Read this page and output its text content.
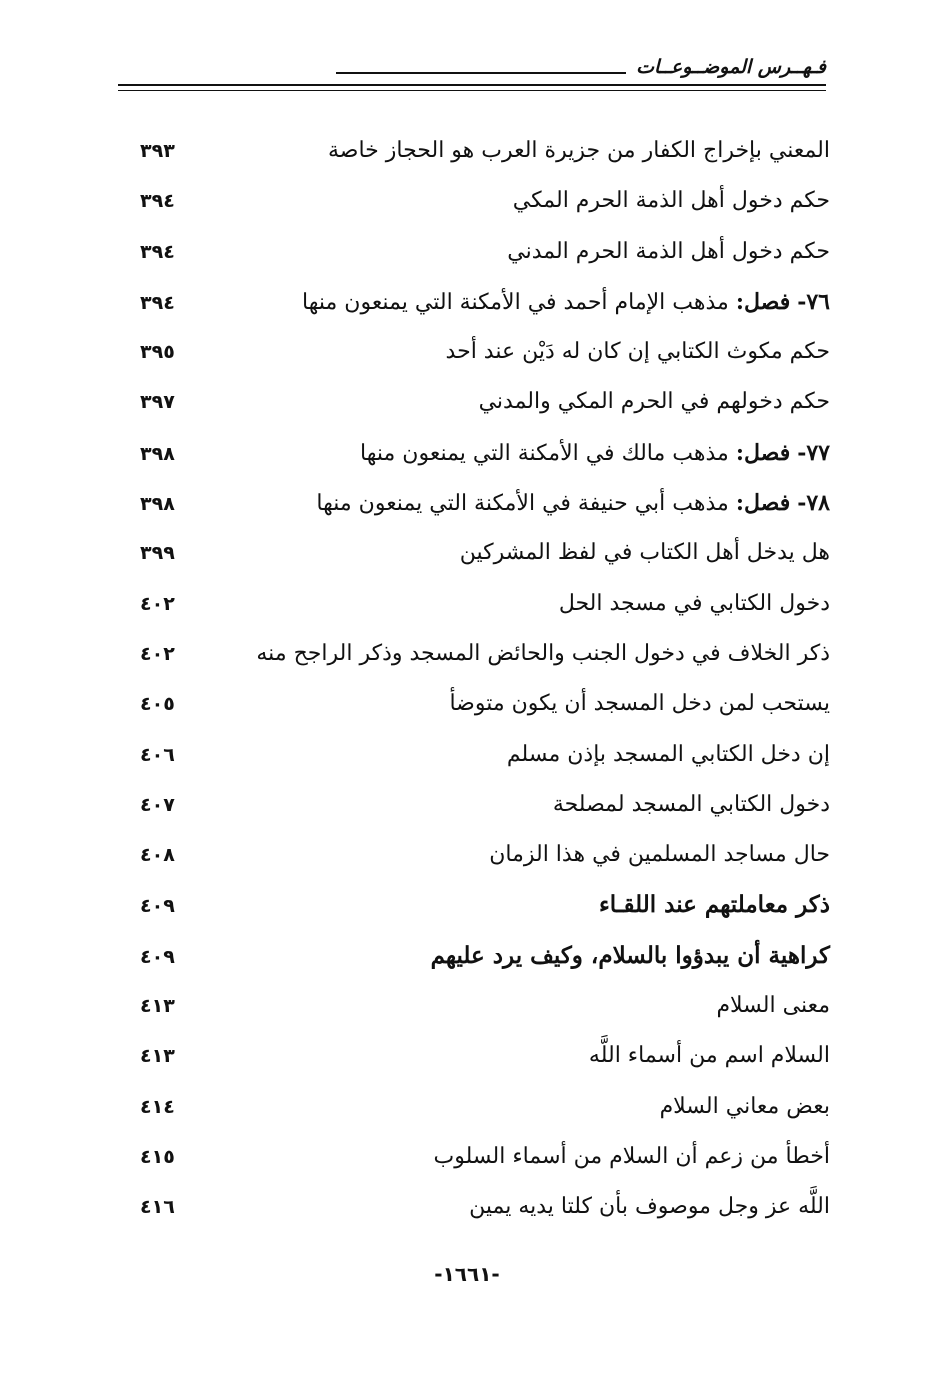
فـهــرس الموضــوعــات
المعني بإخراج الكفار من جزيرة العرب هو الحجاز خاصة
٣٩٣
حكم دخول أهل الذمة الحرم المكي
٣٩٤
حكم دخول أهل الذمة الحرم المدني
٣٩٤
٧٦- فصل: مذهب الإمام أحمد في الأمكنة التي يمنعون منها
٣٩٤
حكم مكوث الكتابي إن كان له دَيْن عند أحد
٣٩٥
حكم دخولهم في الحرم المكي والمدني
٣٩٧
٧٧- فصل: مذهب مالك في الأمكنة التي يمنعون منها
٣٩٨
٧٨- فصل: مذهب أبي حنيفة في الأمكنة التي يمنعون منها
٣٩٨
هل يدخل أهل الكتاب في لفظ المشركين
٣٩٩
دخول الكتابي في مسجد الحل
٤٠٢
ذكر الخلاف في دخول الجنب والحائض المسجد وذكر الراجح منه
٤٠٢
يستحب لمن دخل المسجد أن يكون متوضأ
٤٠٥
إن دخل الكتابي المسجد بإذن مسلم
٤٠٦
دخول الكتابي المسجد لمصلحة
٤٠٧
حال مساجد المسلمين في هذا الزمان
٤٠٨
ذكر معاملتهم عند اللقـاء
٤٠٩
كراهية أن يبدؤوا بالسلام، وكيف يرد عليهم
٤٠٩
معنى السلام
٤١٣
السلام اسم من أسماء اللَّه
٤١٣
بعض معاني السلام
٤١٤
أخطأ من زعم أن السلام من أسماء السلوب
٤١٥
اللَّه عز وجل موصوف بأن كلتا يديه يمين
٤١٦
-١٦٦١-
